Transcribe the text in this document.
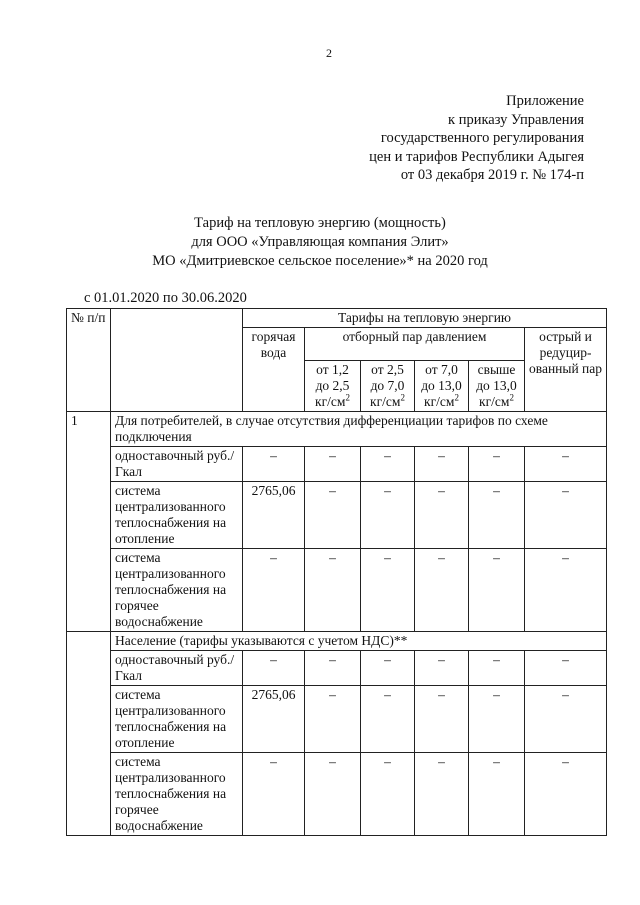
2
Приложение
к приказу Управления
государственного регулирования
цен и тарифов Республики Адыгея
от 03 декабря 2019 г. № 174-п
Тариф на тепловую энергию (мощность)
для ООО «Управляющая компания Элит»
МО «Дмитриевское сельское поселение»* на 2020 год
с 01.01.2020 по 30.06.2020
№ п/п		Тарифы на тепловую энергию					
		горячая вода	отборный пар давлением				острый и редуцир-ованный пар
			от 1,2 до 2,5 $кг/см^2$	от 2,5 до 7,0 $кг/см^2$	от 7,0 до 13,0 $кг/см^2$	свыше до 13,0 $кг/см^2$
1	Для потребителей, в случае отсутствия дифференциации тарифов по схеме подключения						
	одноставочный руб./Гкал	–	–	–	–	–	–
	система централизованного теплоснабжения на отопление	2765,06	–	–	–	–	–
	система централизованного теплоснабжения на горячее водоснабжение	–	–	–	–	–	–
	Население (тарифы указываются с учетом НДС)**						
	одноставочный руб./Гкал	–	–	–	–	–	–
	система централизованного теплоснабжения на отопление	2765,06	–	–	–	–	–
	система централизованного теплоснабжения на горячее водоснабжение	–	–	–	–	–	–
